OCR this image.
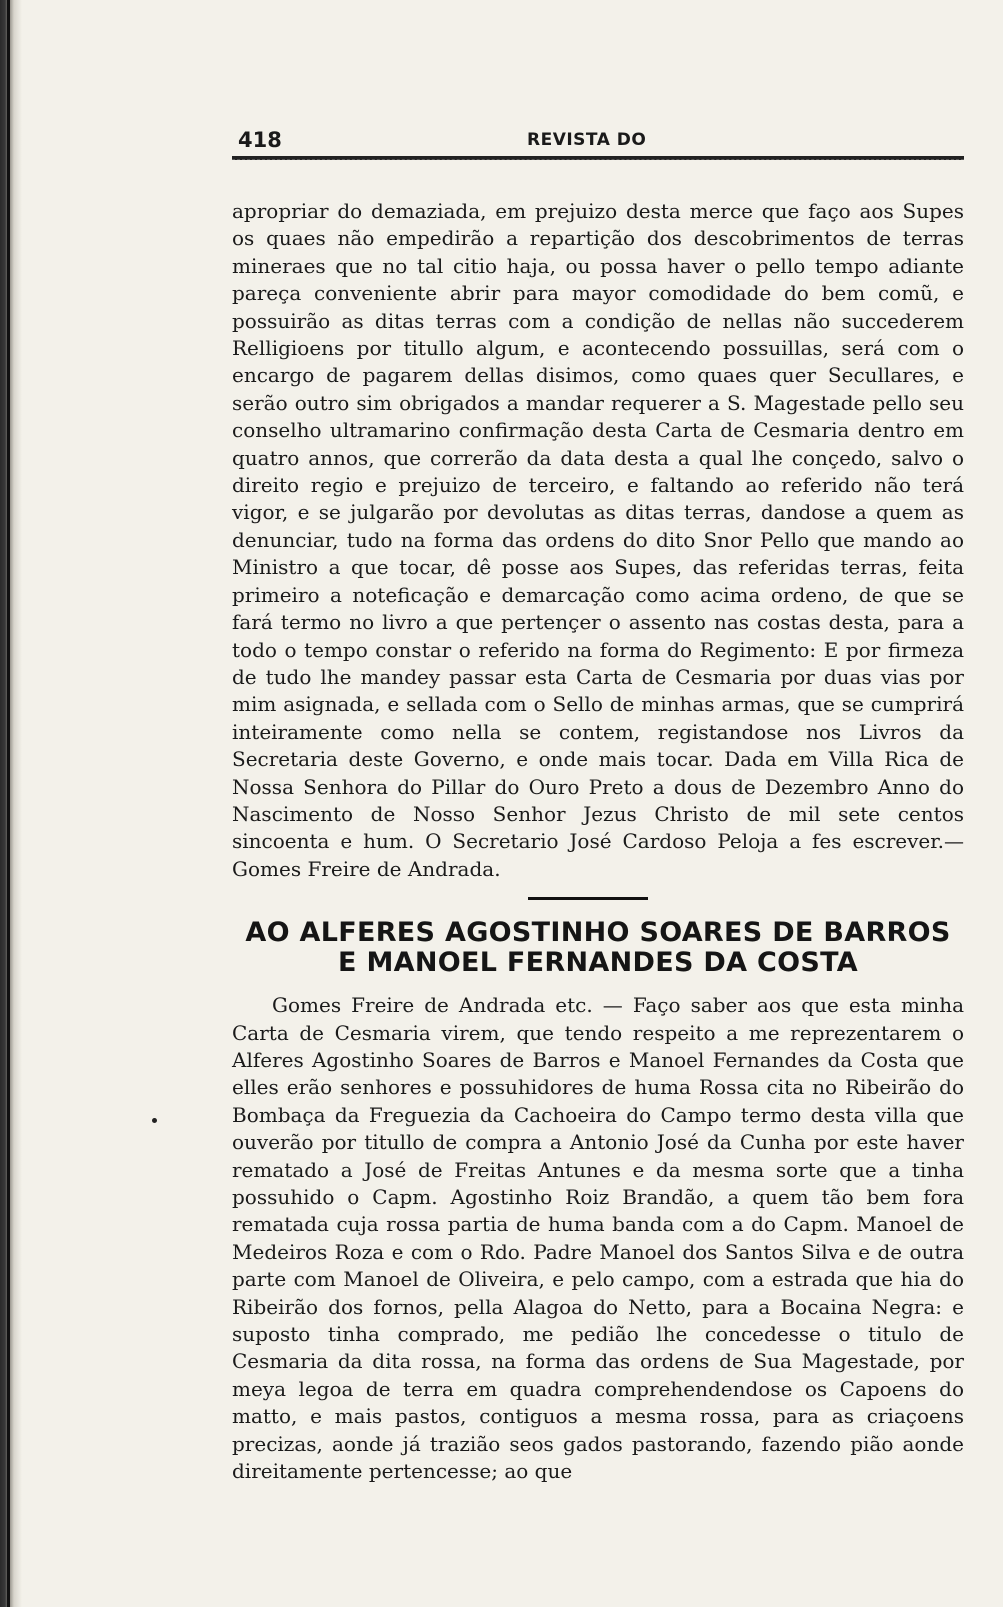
418	REVISTA DO

apropriar do demaziada, em prejuizo desta merce que faço aos Supes os quaes não empedirão a repartição dos descobrimentos de terras mineraes que no tal citio haja, ou possa haver o pello tempo adiante pareça conveniente abrir para mayor comodidade do bem comũ, e possuirão as ditas terras com a condição de nellas não succederem Relligioens por titullo algum, e acontecendo possuillas, será com o encargo de pagarem dellas disimos, como quaes quer Secullares, e serão outro sim obrigados a mandar requerer a S. Magestade pello seu conselho ultramarino confirmação desta Carta de Cesmaria dentro em quatro annos, que correrão da data desta a qual lhe conçedo, salvo o direito regio e prejuizo de terceiro, e faltando ao referido não terá vigor, e se julgarão por devolutas as ditas terras, dandose a quem as denunciar, tudo na forma das ordens do dito Snor Pello que mando ao Ministro a que tocar, dê posse aos Supes, das referidas terras, feita primeiro a noteficação e demarcação como acima ordeno, de que se fará termo no livro a que pertençer o assento nas costas desta, para a todo o tempo constar o referido na forma do Regimento: E por firmeza de tudo lhe mandey passar esta Carta de Cesmaria por duas vias por mim asignada, e sellada com o Sello de minhas armas, que se cumprirá inteiramente como nella se contem, registandose nos Livros da Secretaria deste Governo, e onde mais tocar. Dada em Villa Rica de Nossa Senhora do Pillar do Ouro Preto a dous de Dezembro Anno do Nascimento de Nosso Senhor Jezus Christo de mil sete centos sincoenta e hum. O Secretario José Cardoso Peloja a fes escrever.—Gomes Freire de Andrada.

AO ALFERES AGOSTINHO SOARES DE BARROS E MANOEL FERNANDES DA COSTA

Gomes Freire de Andrada etc. — Faço saber aos que esta minha Carta de Cesmaria virem, que tendo respeito a me reprezentarem o Alferes Agostinho Soares de Barros e Manoel Fernandes da Costa que elles erão senhores e possuhidores de huma Rossa cita no Ribeirão do Bombaça da Freguezia da Cachoeira do Campo termo desta villa que ouverão por titullo de compra a Antonio José da Cunha por este haver rematado a José de Freitas Antunes e da mesma sorte que a tinha possuhido o Capm. Agostinho Roiz Brandão, a quem tão bem fora rematada cuja rossa partia de huma banda com a do Capm. Manoel de Medeiros Roza e com o Rdo. Padre Manoel dos Santos Silva e de outra parte com Manoel de Oliveira, e pelo campo, com a estrada que hia do Ribeirão dos fornos, pella Alagoa do Netto, para a Bocaina Negra: e suposto tinha comprado, me pedião lhe concedesse o titulo de Cesmaria da dita rossa, na forma das ordens de Sua Magestade, por meya legoa de terra em quadra comprehendendose os Capoens do matto, e mais pastos, contiguos a mesma rossa, para as criaçoens precizas, aonde já trazião seos gados pastorando, fazendo pião aonde direitamente pertencesse; ao que
